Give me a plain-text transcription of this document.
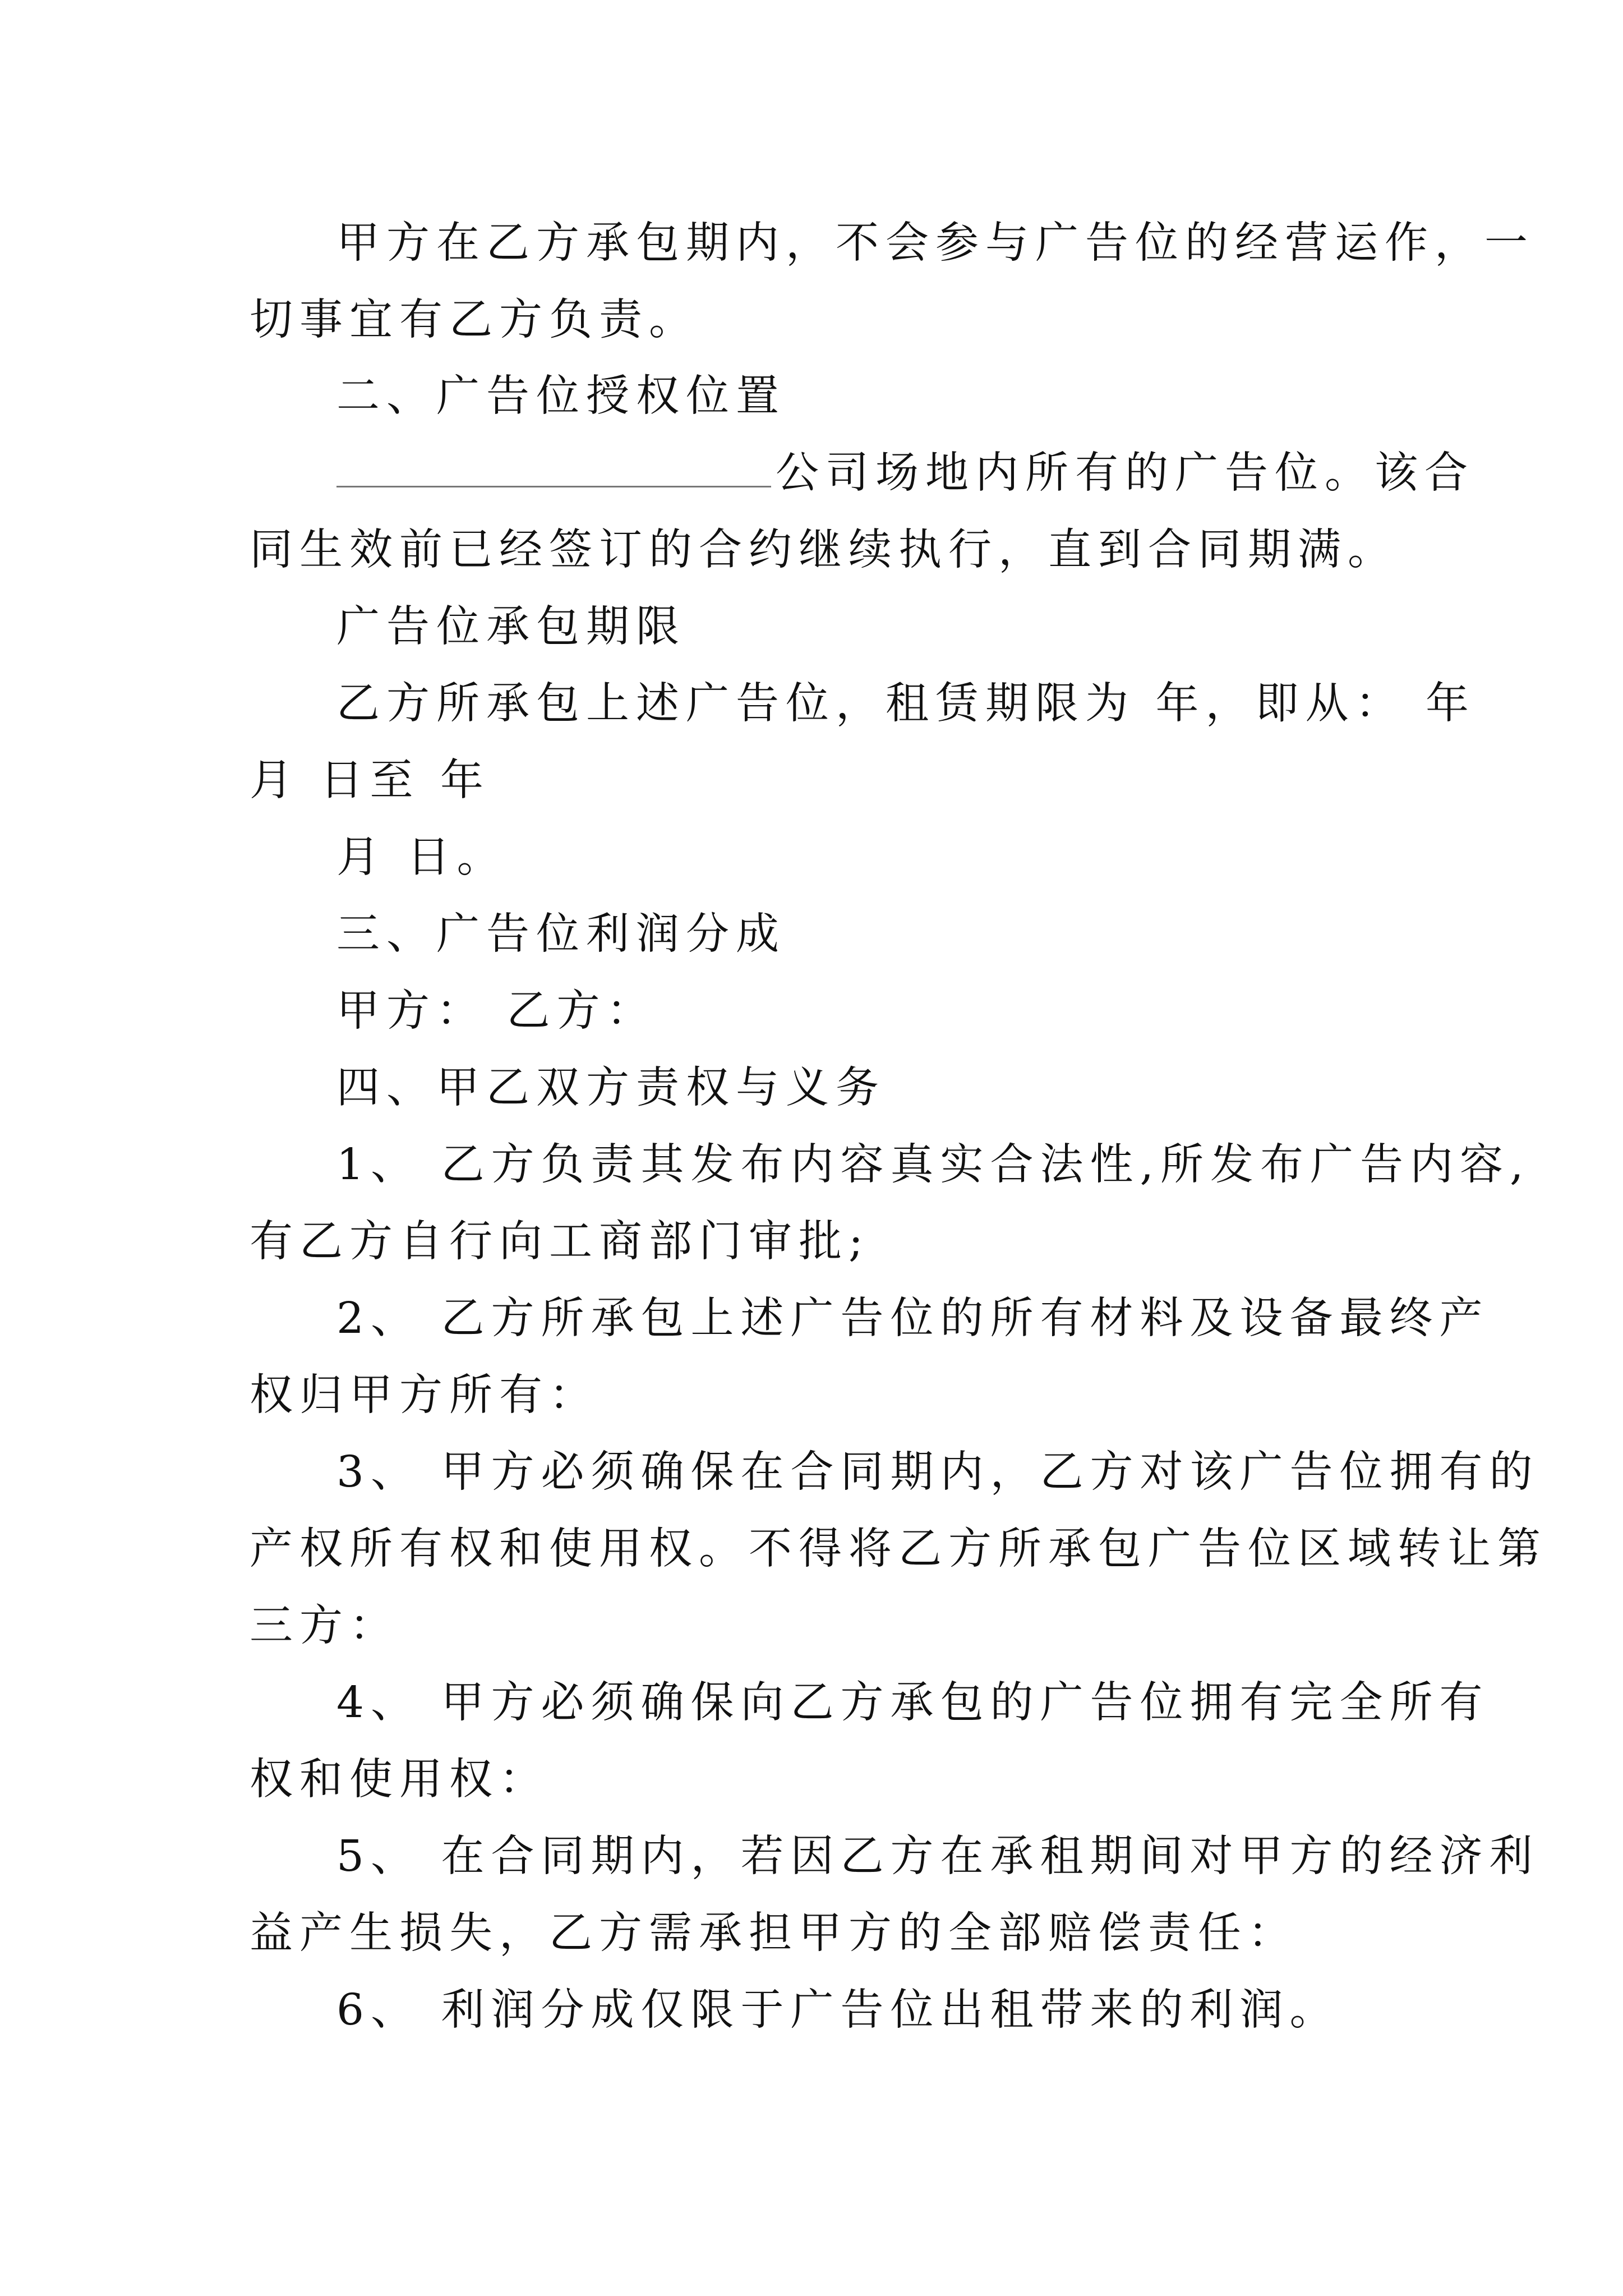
甲方在乙方承包期内，不会参与广告位的经营运作，一
切事宜有乙方负责。
二、广告位授权位置
公司场地内所有的广告位。该合
同生效前已经签订的合约继续执行，直到合同期满。
广告位承包期限
乙方所承包上述广告位，租赁期限为 年，即从： 年
月 日至 年
月 日。
三、广告位利润分成
甲方： 乙方：
四、甲乙双方责权与义务
1、 乙方负责其发布内容真实合法性,所发布广告内容,
有乙方自行向工商部门审批;
2、 乙方所承包上述广告位的所有材料及设备最终产
权归甲方所有：
3、 甲方必须确保在合同期内，乙方对该广告位拥有的
产权所有权和使用权。不得将乙方所承包广告位区域转让第
三方：
4、 甲方必须确保向乙方承包的广告位拥有完全所有
权和使用权：
5、 在合同期内，若因乙方在承租期间对甲方的经济利
益产生损失，乙方需承担甲方的全部赔偿责任：
6、 利润分成仅限于广告位出租带来的利润。
